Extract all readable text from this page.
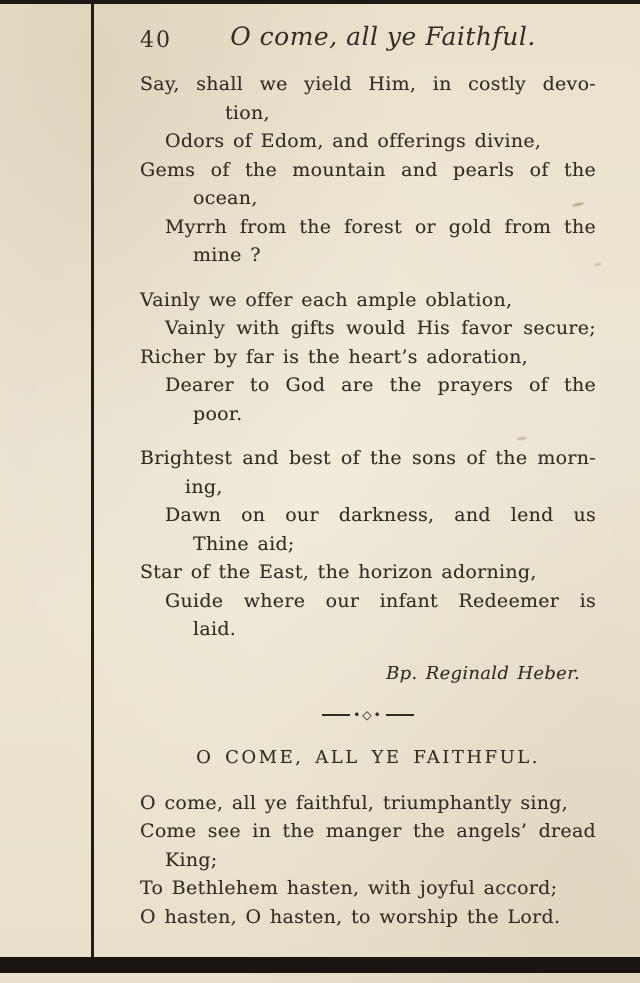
40	O come, all ye Faithful.
Say, shall we yield Him, in costly devo-
tion,
Odors of Edom, and offerings divine,
Gems of the mountain and pearls of the
ocean,
Myrrh from the forest or gold from the
mine ?
Vainly we offer each ample oblation,
Vainly with gifts would His favor secure;
Richer by far is the heart’s adoration,
Dearer to God are the prayers of the
poor.
Brightest and best of the sons of the morn-
ing,
Dawn on our darkness, and lend us
Thine aid;
Star of the East, the horizon adorning,
Guide where our infant Redeemer is
laid.
Bp. Reginald Heber.
•◇•
O COME, ALL YE FAITHFUL.
O come, all ye faithful, triumphantly sing,
Come see in the manger the angels’ dread
King;
To Bethlehem hasten, with joyful accord;
O hasten, O hasten, to worship the Lord.
